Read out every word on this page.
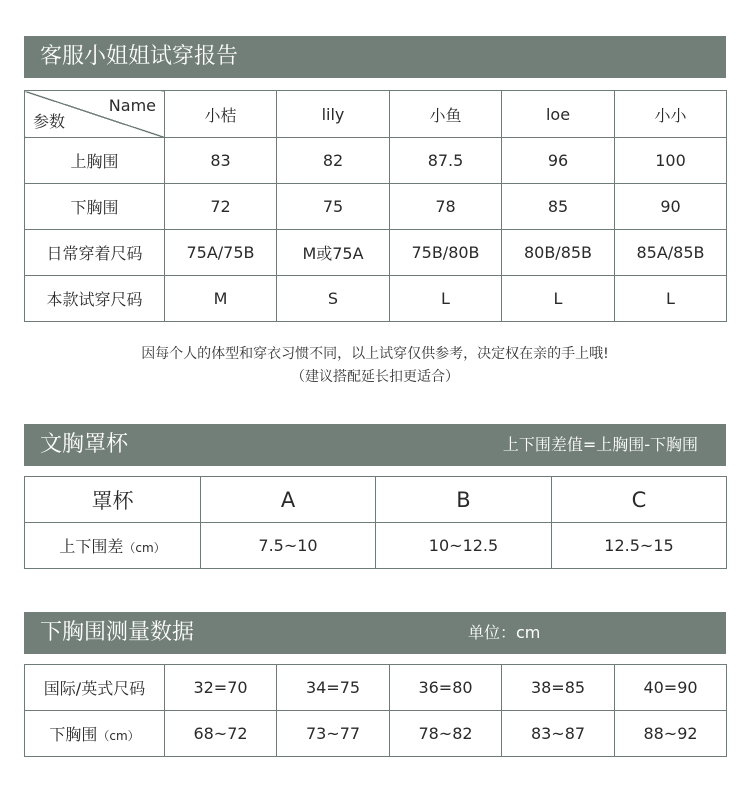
客服小姐姐试穿报告
Name
参数	小桔	lily	小鱼	loe	小小
上胸围	83	82	87.5	96	100
下胸围	72	75	78	85	90
日常穿着尺码	75A/75B	M或75A	75B/80B	80B/85B	85A/85B
本款试穿尺码	M	S	L	L	L
因每个人的体型和穿衣习惯不同，以上试穿仅供参考，决定权在亲的手上哦!
（建议搭配延长扣更适合）
文胸罩杯	上下围差值=上胸围-下胸围
罩杯	A	B	C
上下围差（cm）	7.5~10	10~12.5	12.5~15
下胸围测量数据	单位：cm
国际/英式尺码	32=70	34=75	36=80	38=85	40=90
下胸围（cm）	68~72	73~77	78~82	83~87	88~92
